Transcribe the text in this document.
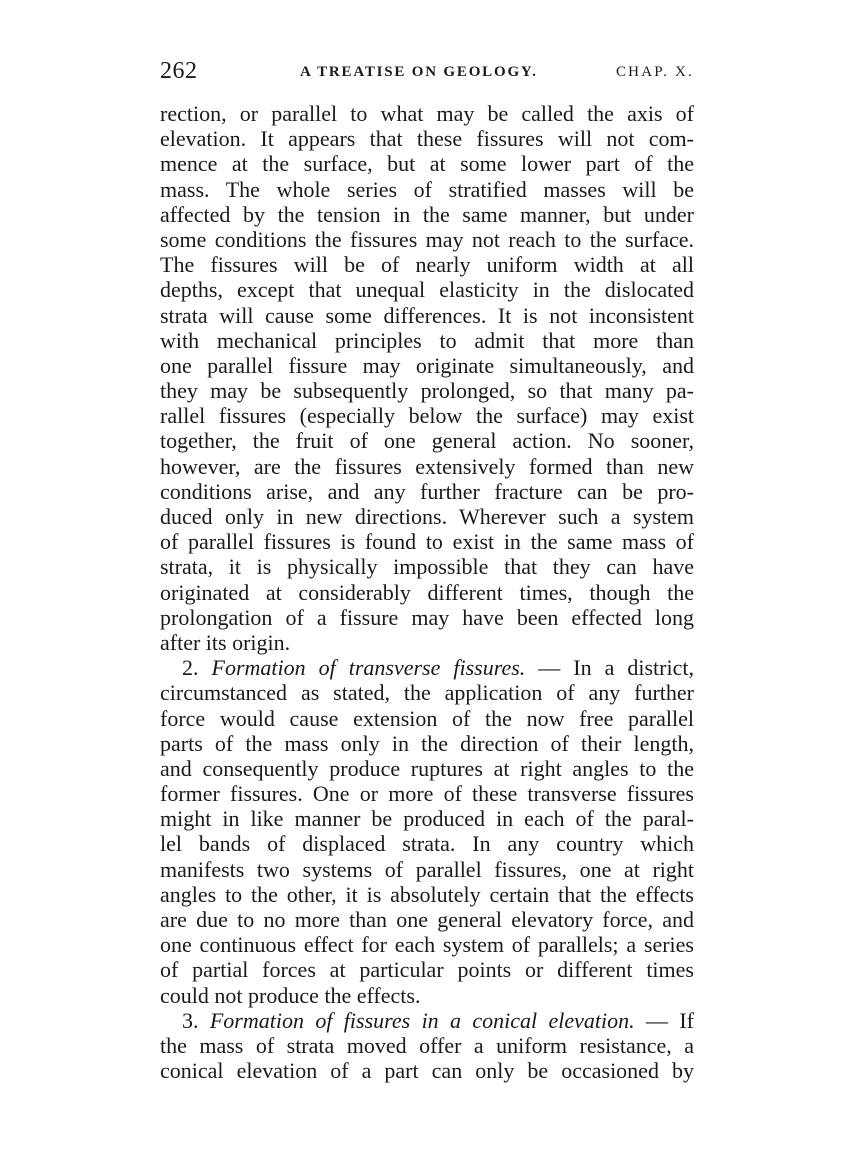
262	A TREATISE ON GEOLOGY.	CHAP. X.
rection, or parallel to what may be called the axis of
elevation. It appears that these fissures will not com-
mence at the surface, but at some lower part of the
mass. The whole series of stratified masses will be
affected by the tension in the same manner, but under
some conditions the fissures may not reach to the surface.
The fissures will be of nearly uniform width at all
depths, except that unequal elasticity in the dislocated
strata will cause some differences. It is not inconsistent
with mechanical principles to admit that more than
one parallel fissure may originate simultaneously, and
they may be subsequently prolonged, so that many pa-
rallel fissures (especially below the surface) may exist
together, the fruit of one general action. No sooner,
however, are the fissures extensively formed than new
conditions arise, and any further fracture can be pro-
duced only in new directions. Wherever such a system
of parallel fissures is found to exist in the same mass of
strata, it is physically impossible that they can have
originated at considerably different times, though the
prolongation of a fissure may have been effected long
after its origin.
2. Formation of transverse fissures. — In a district,
circumstanced as stated, the application of any further
force would cause extension of the now free parallel
parts of the mass only in the direction of their length,
and consequently produce ruptures at right angles to the
former fissures. One or more of these transverse fissures
might in like manner be produced in each of the paral-
lel bands of displaced strata. In any country which
manifests two systems of parallel fissures, one at right
angles to the other, it is absolutely certain that the effects
are due to no more than one general elevatory force, and
one continuous effect for each system of parallels; a series
of partial forces at particular points or different times
could not produce the effects.
3. Formation of fissures in a conical elevation. — If
the mass of strata moved offer a uniform resistance, a
conical elevation of a part can only be occasioned by
